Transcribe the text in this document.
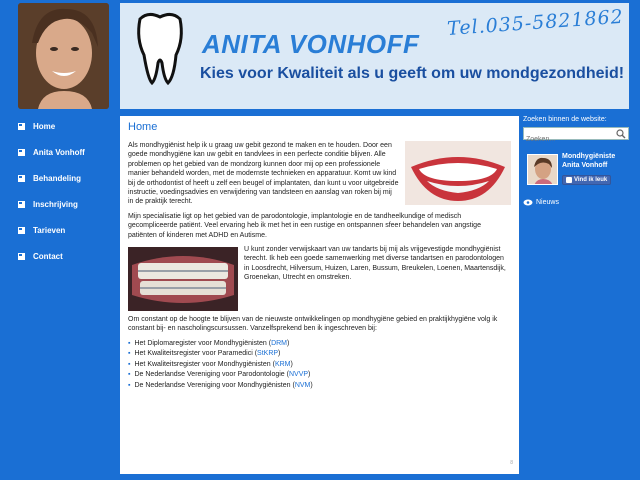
ANITA VONHOFF
Tel.035-5821862
Kies voor Kwaliteit als u geeft om uw mondgezondheid!
Home
Anita Vonhoff
Behandeling
Inschrijving
Tarieven
Contact
Home

Als mondhygiënist help ik u graag uw gebit gezond te maken en te houden. Door een goede mondhygiëne kan uw gebit en tandvlees in een perfecte conditie blijven. Alle problemen op het gebied van de mondzorg kunnen door mij op een professionele manier behandeld worden, met de modernste technieken en apparatuur. Komt uw kind bij de orthodontist of heeft u zelf een beugel of implantaten, dan kunt u voor uitgebreide instructie, voedingsadvies en verwijdering van tandsteen en aanslag van roken bij mij in de praktijk terecht.

Mijn specialisatie ligt op het gebied van de parodontologie, implantologie en de tandheelkundige of medisch gecompliceerde patiënt. Veel ervaring heb ik met het in een rustige en ontspannen sfeer behandelen van angstige patiënten of kinderen met ADHD en Autisme.

U kunt zonder verwijskaart van uw tandarts bij mij als vrijgevestigde mondhygiënist terecht. Ik heb een goede samenwerking met diverse tandartsen en parodontologen in Loosdrecht, Hilversum, Huizen, Laren, Bussum, Breukelen, Loenen, Maartensdijk, Groenekan, Utrecht en omstreken.

Om constant op de hoogte te blijven van de nieuwste ontwikkelingen op mondhygiëne gebied en praktijkhygiëne volg ik constant bij- en nascholingscursussen. Vanzelfsprekend ben ik ingeschreven bij:

▪ Het Diplomaregister voor Mondhygiënisten (DRM)
▪ Het Kwaliteitsregister voor Paramedici (StKRP)
▪ Het Kwaliteitsregister voor Mondhygiënisten (KRM)
▪ De Nederlandse Vereniging voor Parodontologie (NVVP)
▪ De Nederlandse Vereniging voor Mondhygiënisten (NVM)
8
Zoeken binnen de website:
Zoeken...
Mondhygiëniste
Anita Vonhoff
Vind ik leuk
Nieuws
